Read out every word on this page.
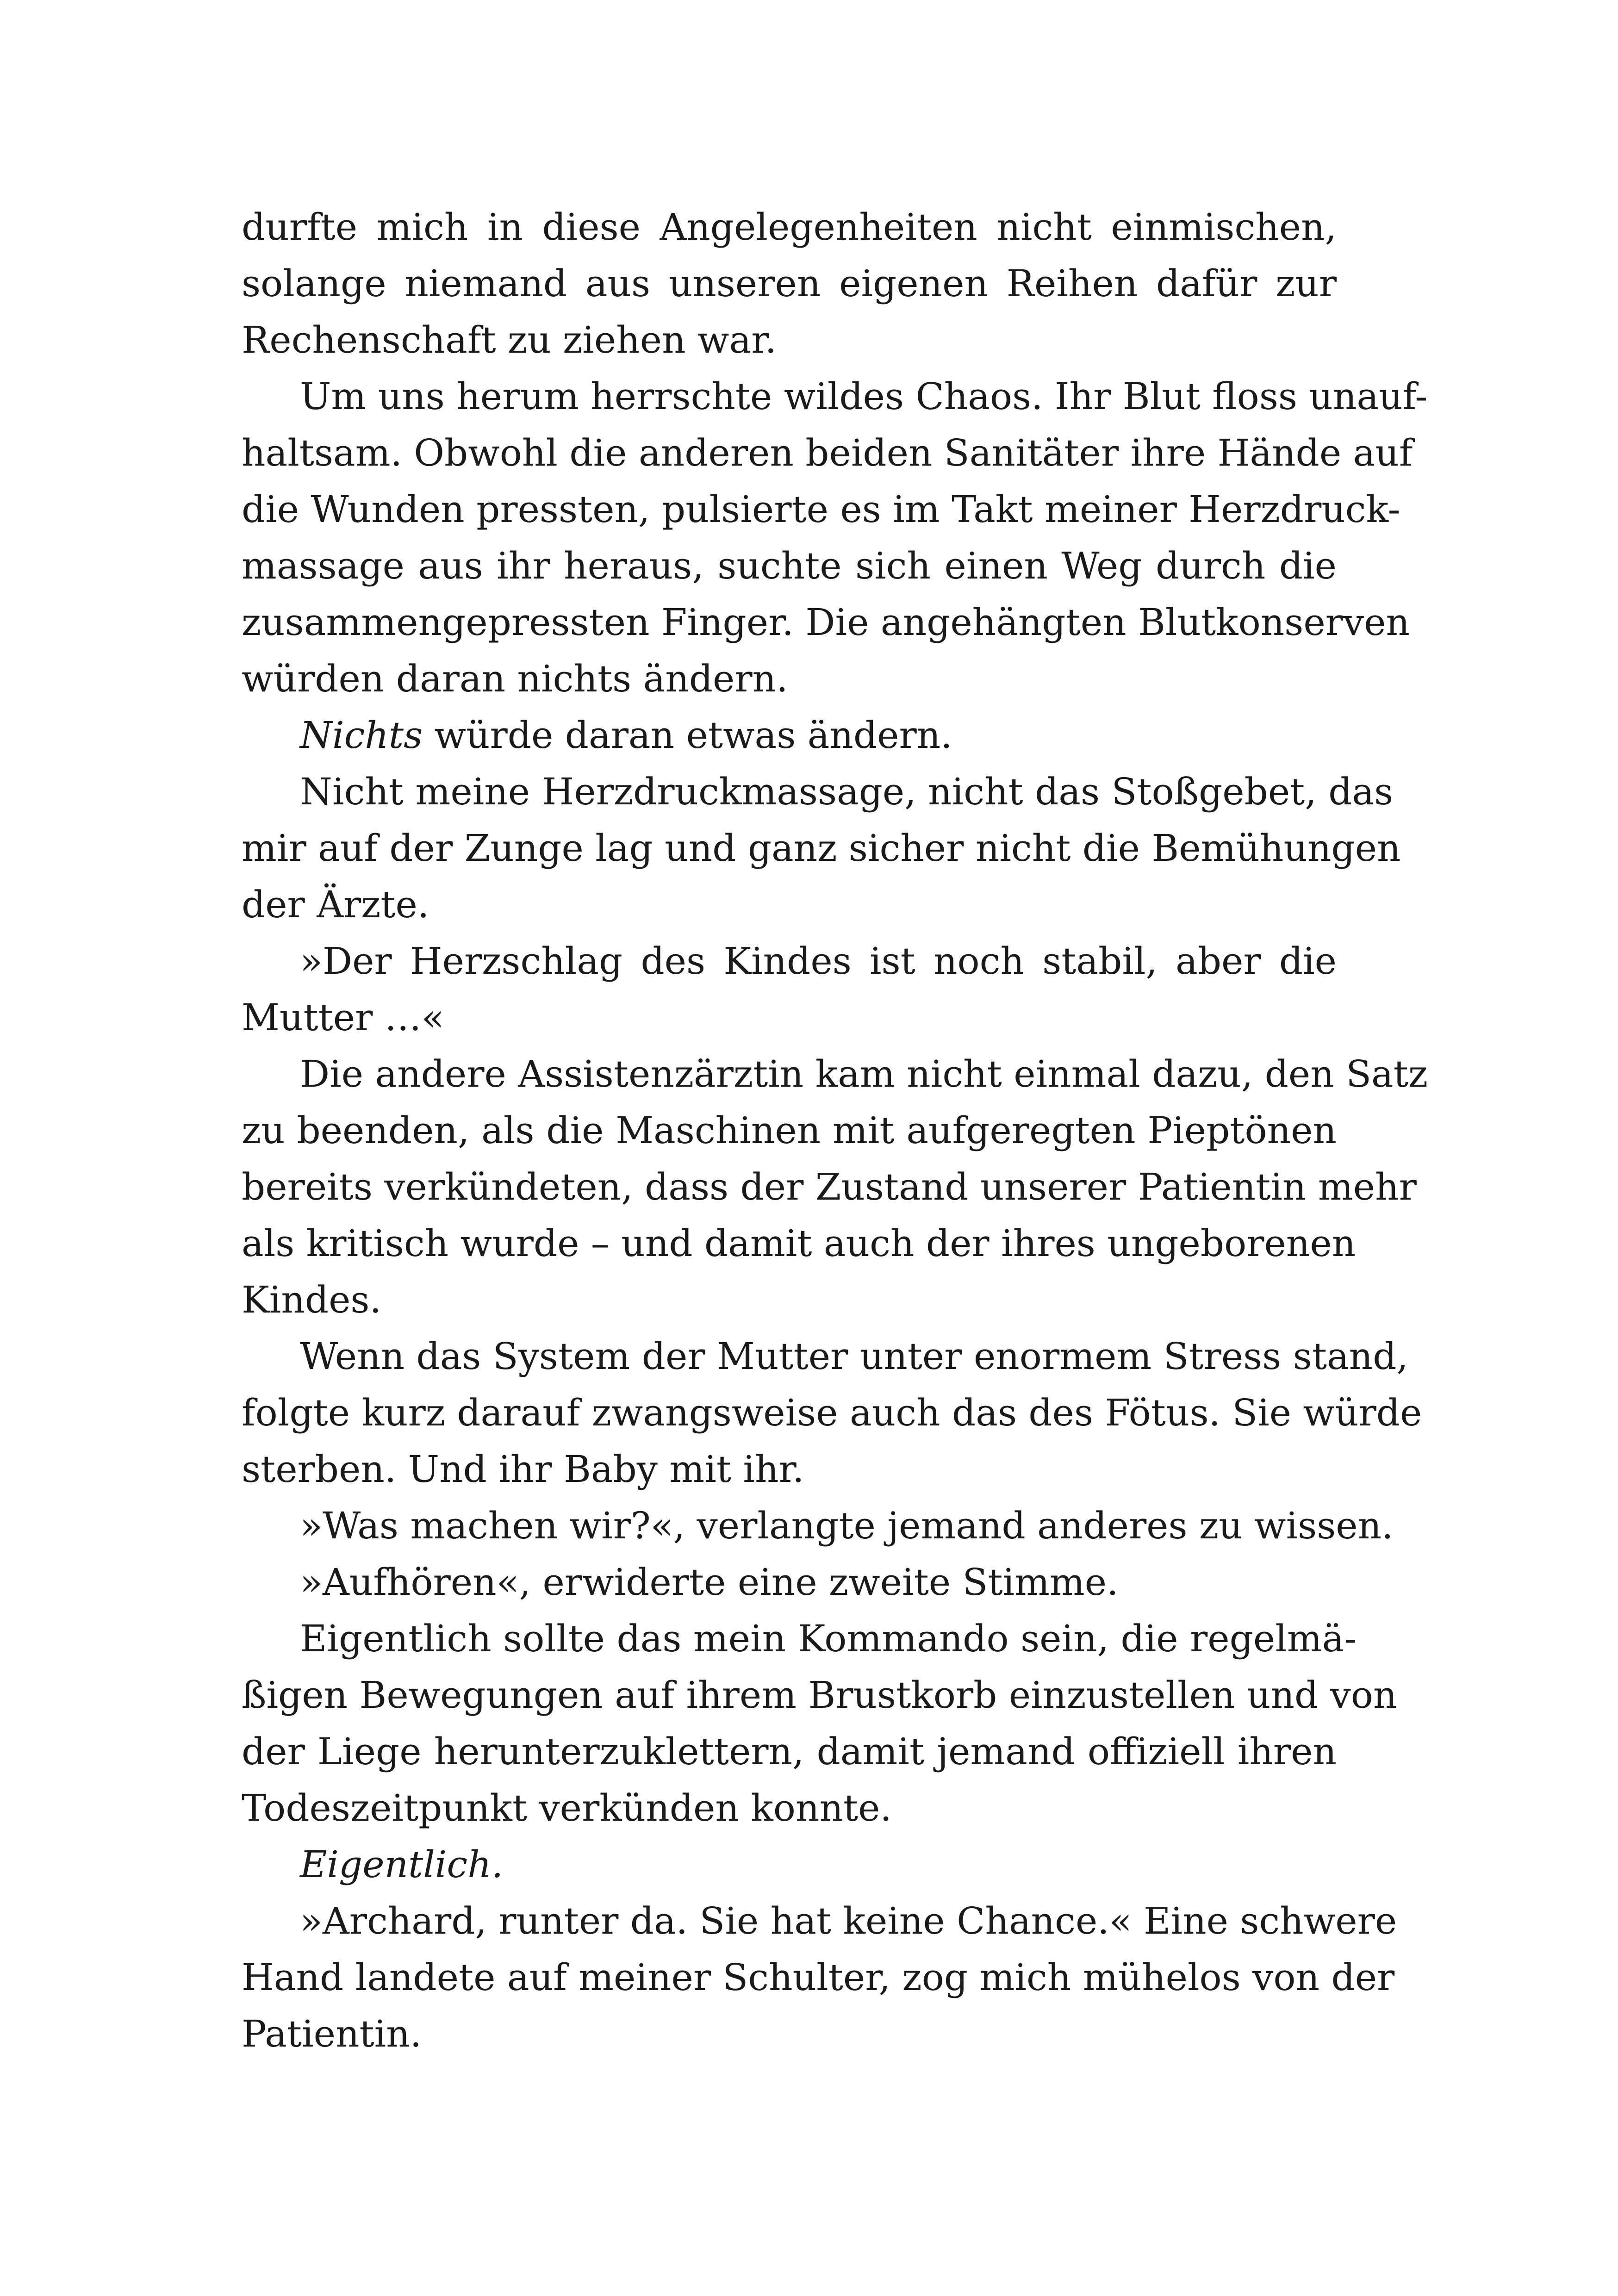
durfte mich in diese Angelegenheiten nicht einmischen,
solange niemand aus unseren eigenen Reihen dafür zur
Rechenschaft zu ziehen war.
Um uns herum herrschte wildes Chaos. Ihr Blut floss unauf-
haltsam. Obwohl die anderen beiden Sanitäter ihre Hände auf
die Wunden pressten, pulsierte es im Takt meiner Herzdruck-
massage aus ihr heraus, suchte sich einen Weg durch die
zusammengepressten Finger. Die angehängten Blutkonserven
würden daran nichts ändern.
Nichts würde daran etwas ändern.
Nicht meine Herzdruckmassage, nicht das Stoßgebet, das
mir auf der Zunge lag und ganz sicher nicht die Bemühungen
der Ärzte.
»Der Herzschlag des Kindes ist noch stabil, aber die
Mutter …«
Die andere Assistenzärztin kam nicht einmal dazu, den Satz
zu beenden, als die Maschinen mit aufgeregten Pieptönen
bereits verkündeten, dass der Zustand unserer Patientin mehr
als kritisch wurde – und damit auch der ihres ungeborenen
Kindes.
Wenn das System der Mutter unter enormem Stress stand,
folgte kurz darauf zwangsweise auch das des Fötus. Sie würde
sterben. Und ihr Baby mit ihr.
»Was machen wir?«, verlangte jemand anderes zu wissen.
»Aufhören«, erwiderte eine zweite Stimme.
Eigentlich sollte das mein Kommando sein, die regelmä-
ßigen Bewegungen auf ihrem Brustkorb einzustellen und von
der Liege herunterzuklettern, damit jemand offiziell ihren
Todeszeitpunkt verkünden konnte.
Eigentlich.
»Archard, runter da. Sie hat keine Chance.« Eine schwere
Hand landete auf meiner Schulter, zog mich mühelos von der
Patientin.
